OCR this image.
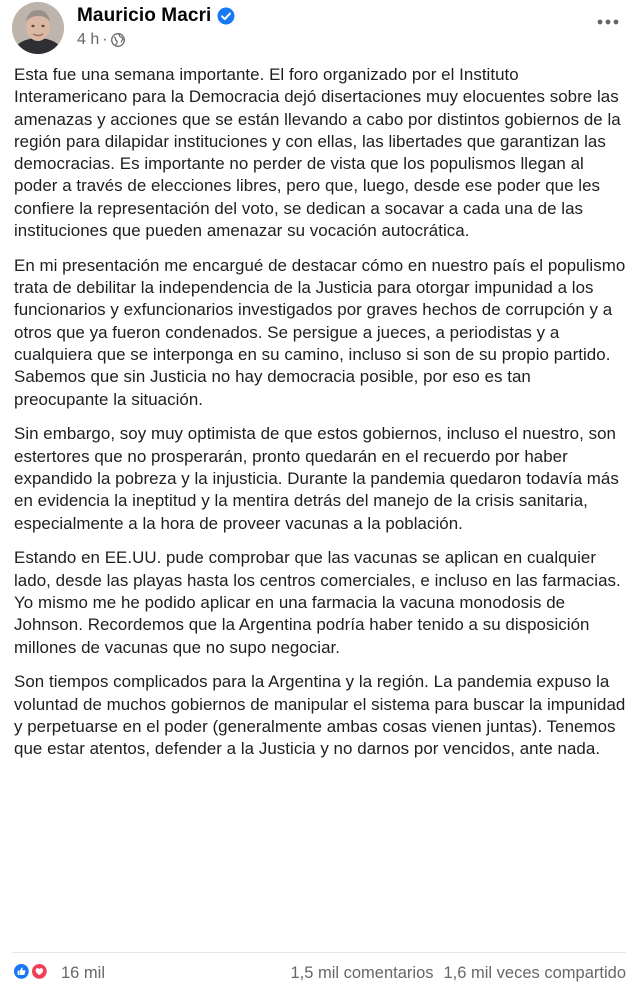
Mauricio Macri
4 h ·

Esta fue una semana importante. El foro organizado por el Instituto Interamericano para la Democracia dejó disertaciones muy elocuentes sobre las amenazas y acciones que se están llevando a cabo por distintos gobiernos de la región para dilapidar instituciones y con ellas, las libertades que garantizan las democracias. Es importante no perder de vista que los populismos llegan al poder a través de elecciones libres, pero que, luego, desde ese poder que les confiere la representación del voto, se dedican a socavar a cada una de las instituciones que pueden amenazar su vocación autocrática.

En mi presentación me encargué de destacar cómo en nuestro país el populismo trata de debilitar la independencia de la Justicia para otorgar impunidad a los funcionarios y exfuncionarios investigados por graves hechos de corrupción y a otros que ya fueron condenados. Se persigue a jueces, a periodistas y a cualquiera que se interponga en su camino, incluso si son de su propio partido. Sabemos que sin Justicia no hay democracia posible, por eso es tan preocupante la situación.

Sin embargo, soy muy optimista de que estos gobiernos, incluso el nuestro, son estertores que no prosperarán, pronto quedarán en el recuerdo por haber expandido la pobreza y la injusticia. Durante la pandemia quedaron todavía más en evidencia la ineptitud y la mentira detrás del manejo de la crisis sanitaria, especialmente a la hora de proveer vacunas a la población.

Estando en EE.UU. pude comprobar que las vacunas se aplican en cualquier lado, desde las playas hasta los centros comerciales, e incluso en las farmacias. Yo mismo me he podido aplicar en una farmacia la vacuna monodosis de Johnson. Recordemos que la Argentina podría haber tenido a su disposición millones de vacunas que no supo negociar.

Son tiempos complicados para la Argentina y la región. La pandemia expuso la voluntad de muchos gobiernos de manipular el sistema para buscar la impunidad y perpetuarse en el poder (generalmente ambas cosas vienen juntas). Tenemos que estar atentos, defender a la Justicia y no darnos por vencidos, ante nada.

16 mil	1,5 mil comentarios 1,6 mil veces compartido
